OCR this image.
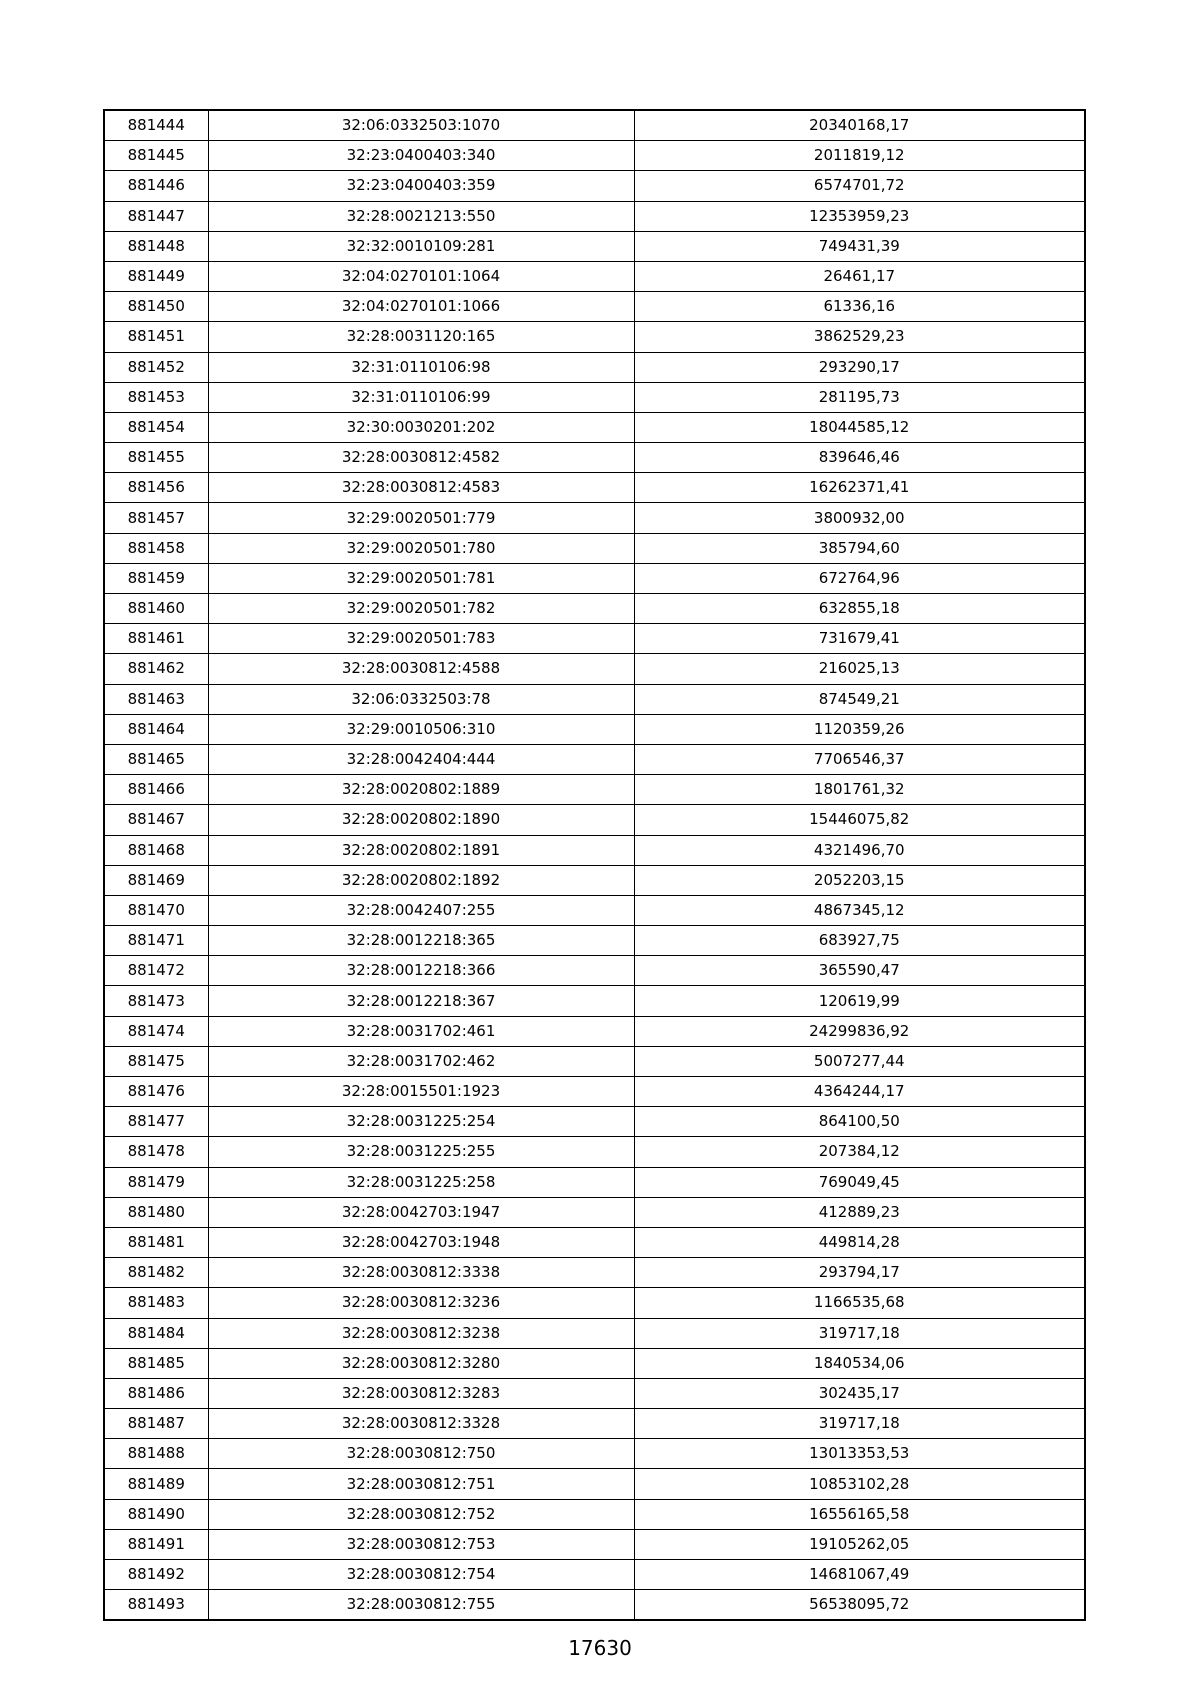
881444	32:06:0332503:1070	20340168,17
881445	32:23:0400403:340	2011819,12
881446	32:23:0400403:359	6574701,72
881447	32:28:0021213:550	12353959,23
881448	32:32:0010109:281	749431,39
881449	32:04:0270101:1064	26461,17
881450	32:04:0270101:1066	61336,16
881451	32:28:0031120:165	3862529,23
881452	32:31:0110106:98	293290,17
881453	32:31:0110106:99	281195,73
881454	32:30:0030201:202	18044585,12
881455	32:28:0030812:4582	839646,46
881456	32:28:0030812:4583	16262371,41
881457	32:29:0020501:779	3800932,00
881458	32:29:0020501:780	385794,60
881459	32:29:0020501:781	672764,96
881460	32:29:0020501:782	632855,18
881461	32:29:0020501:783	731679,41
881462	32:28:0030812:4588	216025,13
881463	32:06:0332503:78	874549,21
881464	32:29:0010506:310	1120359,26
881465	32:28:0042404:444	7706546,37
881466	32:28:0020802:1889	1801761,32
881467	32:28:0020802:1890	15446075,82
881468	32:28:0020802:1891	4321496,70
881469	32:28:0020802:1892	2052203,15
881470	32:28:0042407:255	4867345,12
881471	32:28:0012218:365	683927,75
881472	32:28:0012218:366	365590,47
881473	32:28:0012218:367	120619,99
881474	32:28:0031702:461	24299836,92
881475	32:28:0031702:462	5007277,44
881476	32:28:0015501:1923	4364244,17
881477	32:28:0031225:254	864100,50
881478	32:28:0031225:255	207384,12
881479	32:28:0031225:258	769049,45
881480	32:28:0042703:1947	412889,23
881481	32:28:0042703:1948	449814,28
881482	32:28:0030812:3338	293794,17
881483	32:28:0030812:3236	1166535,68
881484	32:28:0030812:3238	319717,18
881485	32:28:0030812:3280	1840534,06
881486	32:28:0030812:3283	302435,17
881487	32:28:0030812:3328	319717,18
881488	32:28:0030812:750	13013353,53
881489	32:28:0030812:751	10853102,28
881490	32:28:0030812:752	16556165,58
881491	32:28:0030812:753	19105262,05
881492	32:28:0030812:754	14681067,49
881493	32:28:0030812:755	56538095,72
17630
